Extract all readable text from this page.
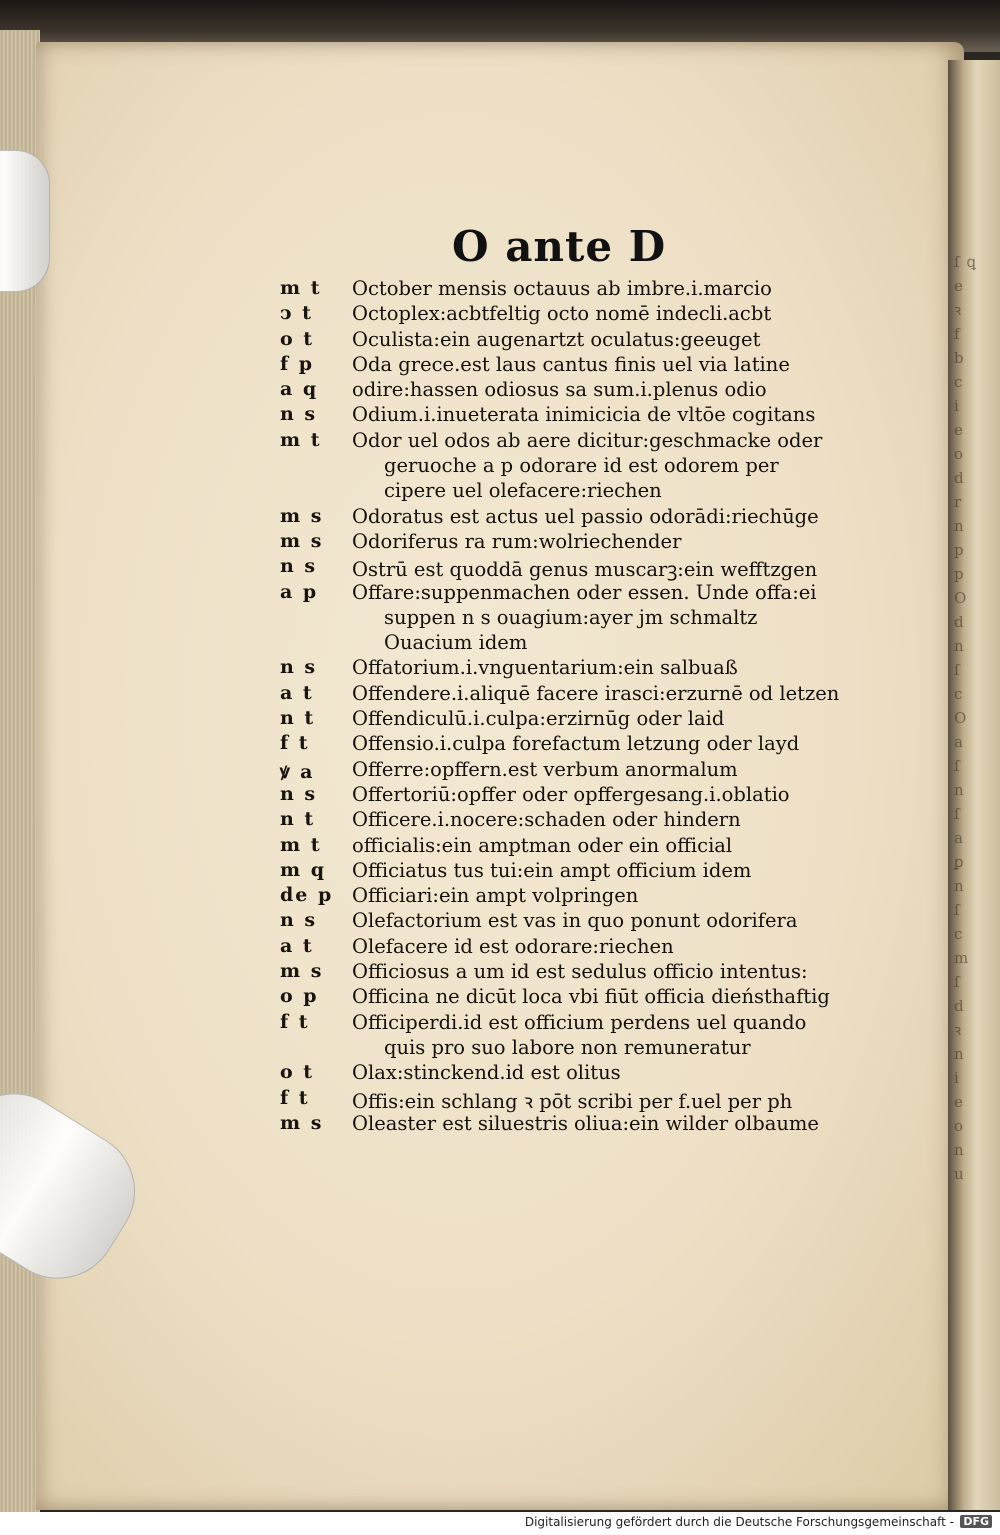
ſ ꝗ
e
ꝛ
f
b
c
i
e
o
d
r
n
p
p
O
d
n
ſ
c
O
a
ſ
n
ſ
a
ꝑ
n
ſ
c
m
ſ
d
ꝛ
n
i
e
o
n
u
O ante D
m t	October mensis octauus ab imbre.i.marcio
ↄ t	Octoplex:acbtfeltig octo nomē indecli.acbt
o t	Oculista:ein augenartzt oculatus:geeuget
f p	Oda grece.est laus cantus finis uel via latine
a q	odire:hassen odiosus sa sum.i.plenus odio
n s	Odium.i.inueterata inimicicia de vltōe cogitans
m t	Odor uel odos ab aere dicitur:geschmacke oder
geruoche a p odorare id est odorem per
cipere uel olefacere:riechen
m s	Odoratus est actus uel passio odorādi:riechūge
m s	Odoriferus ra rum:wolriechender
n s	Ostrū est quoddā genus muscarꝫ:ein wefftzgen
a p	Offare:suppenmachen oder essen. Unde offa:ei
suppen n s ouagium:ayer jm schmaltz
Ouacium idem
n s	Offatorium.i.vnguentarium:ein salbuaß
a t	Offendere.i.aliquē facere irasci:erzurnē od letzen
n t	Offendiculū.i.culpa:erzirnūg oder laid
f t	Offensio.i.culpa forefactum letzung oder layd
ꝟ a	Offerre:opffern.est verbum anormalum
n s	Offertoriū:opffer oder opffergesang.i.oblatio
n t	Officere.i.nocere:schaden oder hindern
m t	officialis:ein amptman oder ein official
m q	Officiatus tus tui:ein ampt officium idem
de p Officiari:ein ampt volpringen
n s	Olefactorium est vas in quo ponunt odorifera
a t	Olefacere id est odorare:riechen
m s	Officiosus a um id est sedulus officio intentus:
o p	Officina ne dicūt loca vbi fiūt officia dieństhaftig
f t	Officiperdi.id est officium perdens uel quando
quis pro suo labore non remuneratur
o t	Olax:stinckend.id est olitus
f t	Offis:ein schlang ꝛ pōt scribi per f.uel per ph
m s	Oleaster est siluestris oliua:ein wilder olbaume
Digitalisierung gefördert durch die Deutsche Forschungsgemeinschaft - DFG
